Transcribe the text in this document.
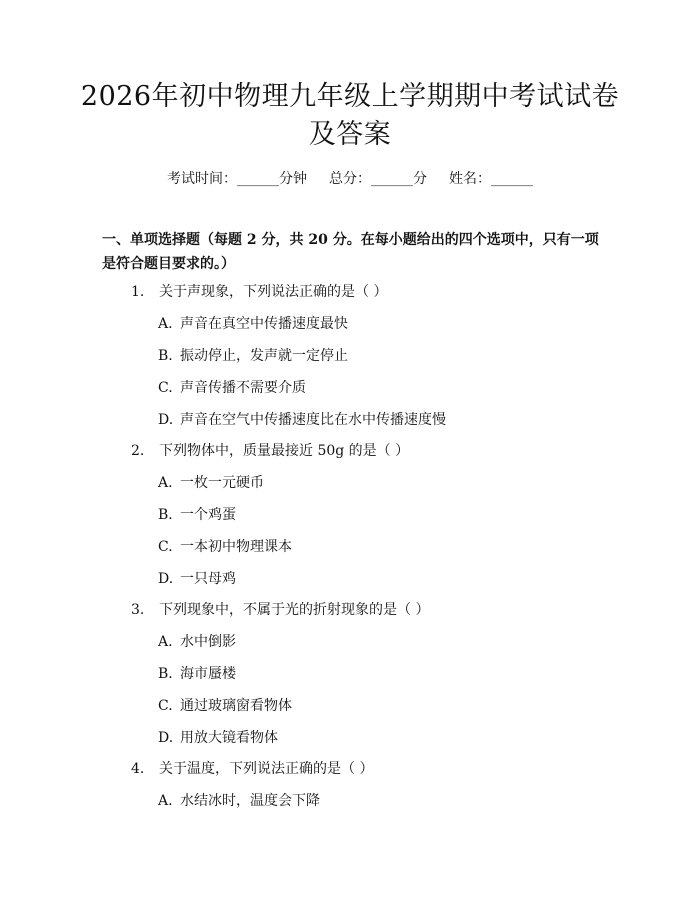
2026年初中物理九年级上学期期中考试试卷
及答案
考试时间：______分钟 总分：______分 姓名：______

一、单项选择题（每题 2 分，共 20 分。在每小题给出的四个选项中，只有一项是符合题目要求的。）

1. 关于声现象，下列说法正确的是（ ）
A. 声音在真空中传播速度最快
B. 振动停止，发声就一定停止
C. 声音传播不需要介质
D. 声音在空气中传播速度比在水中传播速度慢
2. 下列物体中，质量最接近 50g 的是（ ）
A. 一枚一元硬币
B. 一个鸡蛋
C. 一本初中物理课本
D. 一只母鸡
3. 下列现象中，不属于光的折射现象的是（ ）
A. 水中倒影
B. 海市蜃楼
C. 通过玻璃窗看物体
D. 用放大镜看物体
4. 关于温度，下列说法正确的是（ ）
A. 水结冰时，温度会下降
